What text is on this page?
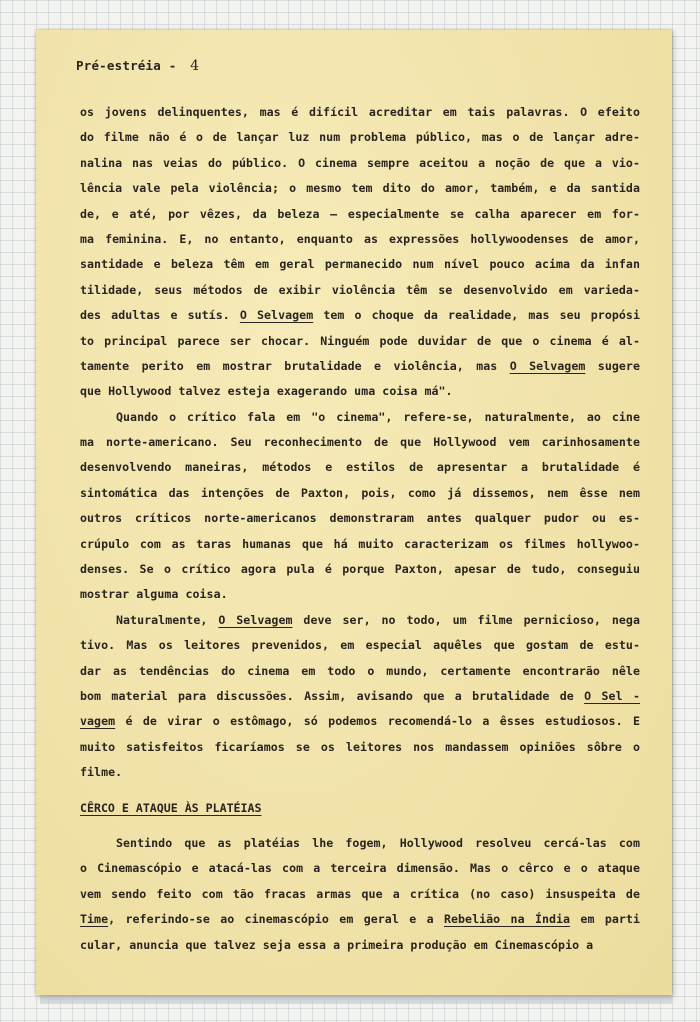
Pré-estréia - 4
os jovens delinquentes, mas é difícil acreditar em tais palavras. O efeito
do filme não é o de lançar luz num problema público, mas o de lançar adre-
nalina nas veias do público. O cinema sempre aceitou a noção de que a vio-
lência vale pela violência; o mesmo tem dito do amor, também, e da santida
de, e até, por vêzes, da beleza — especialmente se calha aparecer em for-
ma feminina. E, no entanto, enquanto as expressões hollywoodenses de amor,
santidade e beleza têm em geral permanecido num nível pouco acima da infan
tilidade, seus métodos de exibir violência têm se desenvolvido em varieda-
des adultas e sutís. O Selvagem tem o choque da realidade, mas seu propósi
to principal parece ser chocar. Ninguém pode duvidar de que o cinema é al-
tamente perito em mostrar brutalidade e violência, mas O Selvagem sugere
que Hollywood talvez esteja exagerando uma coisa má".
Quando o crítico fala em "o cinema", refere-se, naturalmente, ao cine
ma norte-americano. Seu reconhecimento de que Hollywood vem carinhosamente
desenvolvendo maneiras, métodos e estilos de apresentar a brutalidade é
sintomática das intenções de Paxton, pois, como já dissemos, nem êsse nem
outros críticos norte-americanos demonstraram antes qualquer pudor ou es-
crúpulo com as taras humanas que há muito caracterizam os filmes hollywoo-
denses. Se o crítico agora pula é porque Paxton, apesar de tudo, conseguiu
mostrar alguma coisa.
Naturalmente, O Selvagem deve ser, no todo, um filme pernicioso, nega
tivo. Mas os leitores prevenidos, em especial aquêles que gostam de estu-
dar as tendências do cinema em todo o mundo, certamente encontrarão nêle
bom material para discussões. Assim, avisando que a brutalidade de O Sel -
vagem é de virar o estômago, só podemos recomendá-lo a êsses estudiosos. E
muito satisfeitos ficaríamos se os leitores nos mandassem opiniões sôbre o
filme.
CÊRCO E ATAQUE ÀS PLATÉIAS
Sentindo que as platéias lhe fogem, Hollywood resolveu cercá-las com
o Cinemascópio e atacá-las com a terceira dimensão. Mas o cêrco e o ataque
vem sendo feito com tão fracas armas que a crítica (no caso) insuspeita de
Time, referindo-se ao cinemascópio em geral e a Rebelião na Índia em parti
cular, anuncia que talvez seja essa a primeira produção em Cinemascópio a
